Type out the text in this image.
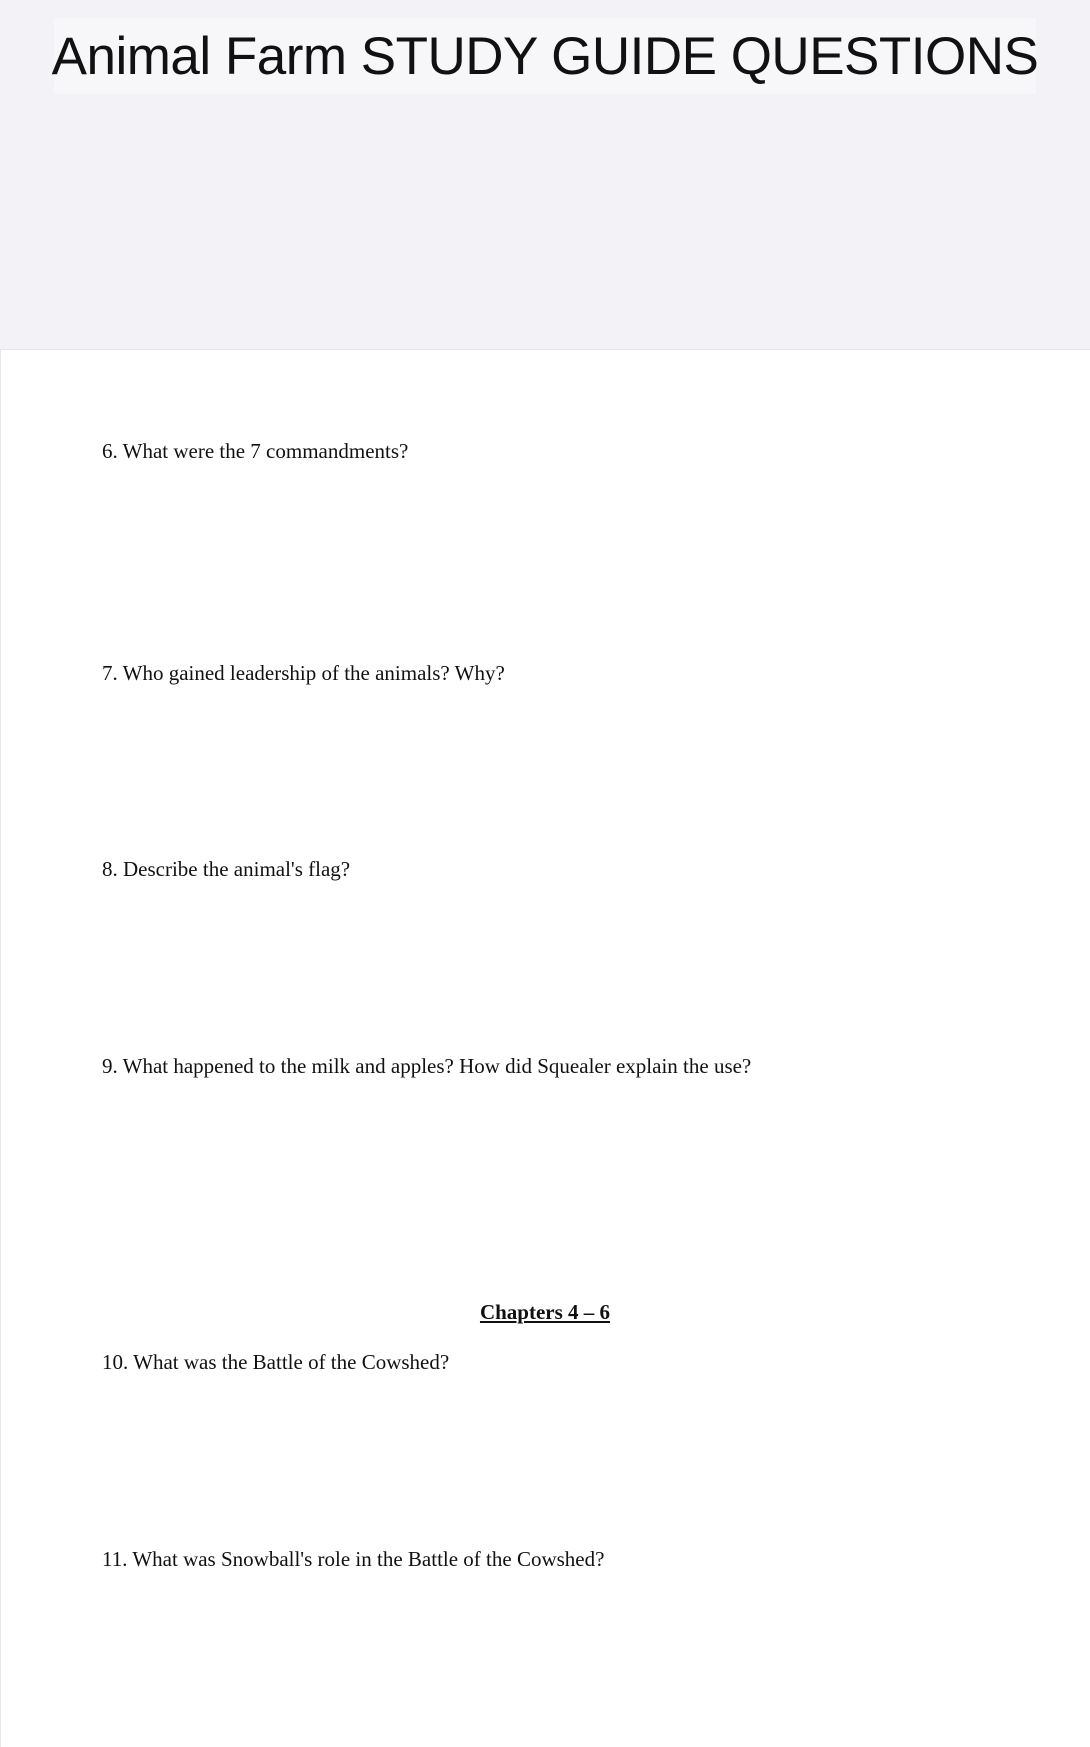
Animal Farm STUDY GUIDE QUESTIONS
6. What were the 7 commandments?
7. Who gained leadership of the animals? Why?
8. Describe the animal's flag?
9. What happened to the milk and apples? How did Squealer explain the use?
Chapters 4 – 6
10. What was the Battle of the Cowshed?
11. What was Snowball's role in the Battle of the Cowshed?
